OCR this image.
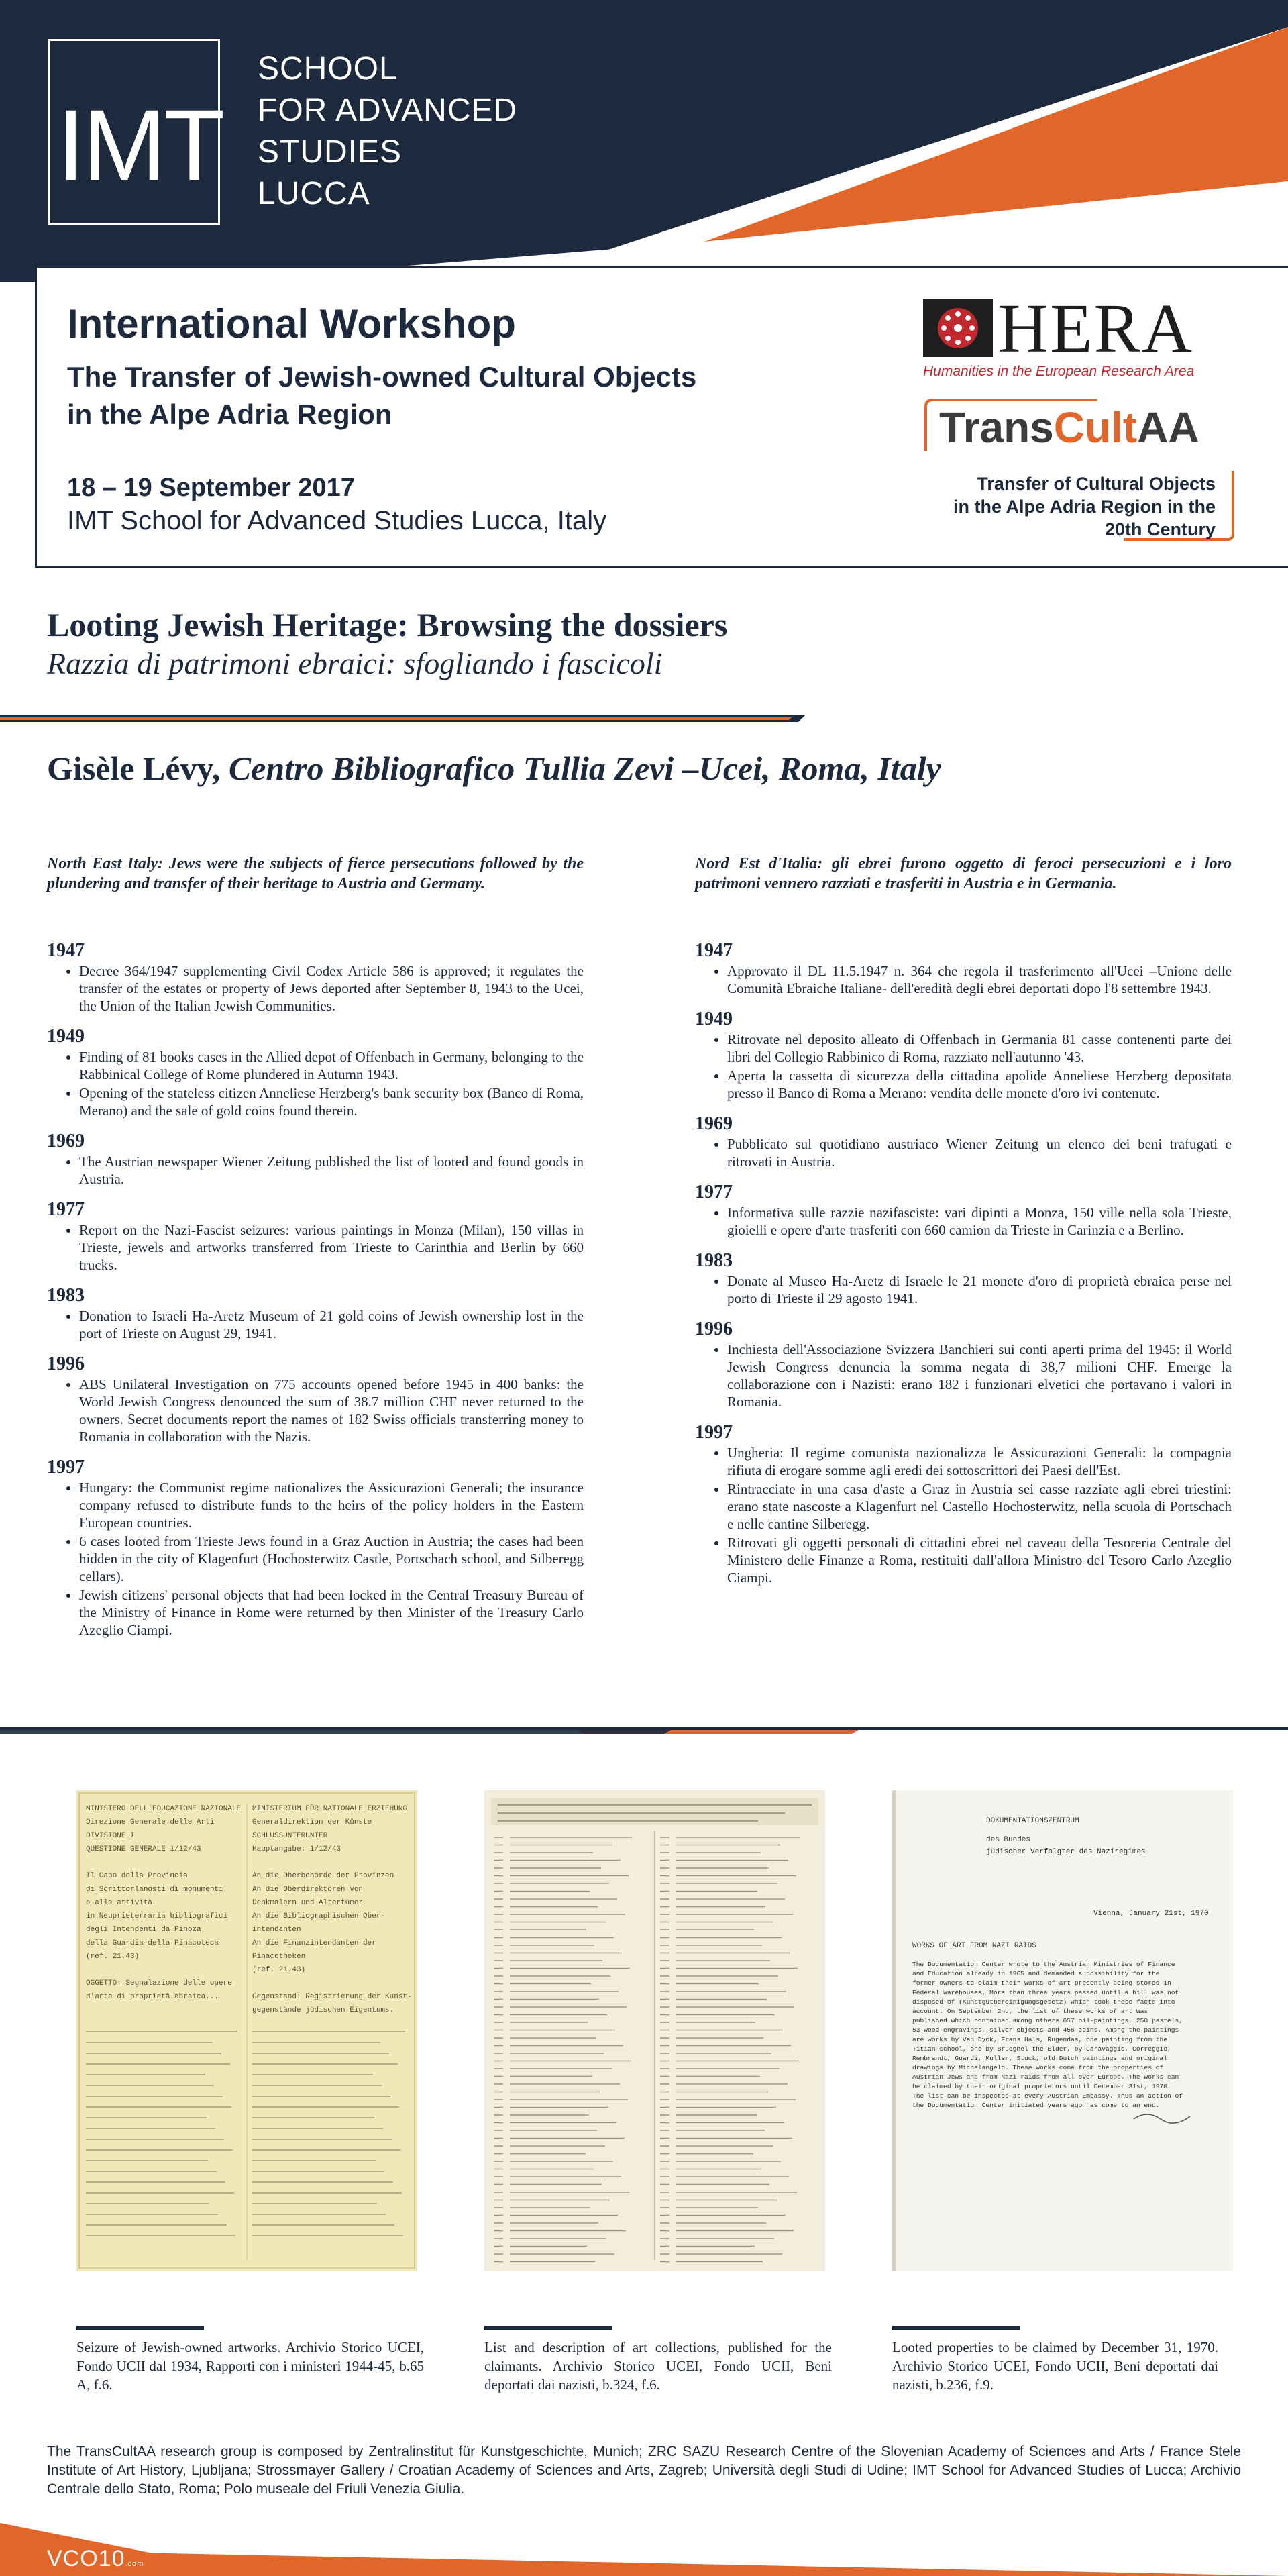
IMT
SCHOOL
FOR ADVANCED
STUDIES
LUCCA
International Workshop
The Transfer of Jewish-owned Cultural Objects
in the Alpe Adria Region
18 – 19 September 2017
IMT School for Advanced Studies Lucca, Italy
HERA
Humanities in the European Research Area
TransCultAA
Transfer of Cultural Objects
in the Alpe Adria Region in the
20th Century
Looting Jewish Heritage: Browsing the dossiers
Razzia di patrimoni ebraici: sfogliando i fascicoli
Gisèle Lévy, Centro Bibliografico Tullia Zevi –Ucei, Roma, Italy
North East Italy: Jews were the subjects of fierce persecutions followed by the plundering and transfer of their heritage to Austria and Germany.
1947
• Decree 364/1947 supplementing Civil Codex Article 586 is approved; it regulates the transfer of the estates or property of Jews deported after September 8, 1943 to the Ucei, the Union of the Italian Jewish Communities.
1949
• Finding of 81 books cases in the Allied depot of Offenbach in Germany, belonging to the Rabbinical College of Rome plundered in Autumn 1943.
• Opening of the stateless citizen Anneliese Herzberg's bank security box (Banco di Roma, Merano) and the sale of gold coins found therein.
1969
• The Austrian newspaper Wiener Zeitung published the list of looted and found goods in Austria.
1977
• Report on the Nazi-Fascist seizures: various paintings in Monza (Milan), 150 villas in Trieste, jewels and artworks transferred from Trieste to Carinthia and Berlin by 660 trucks.
1983
• Donation to Israeli Ha-Aretz Museum of 21 gold coins of Jewish ownership lost in the port of Trieste on August 29, 1941.
1996
• ABS Unilateral Investigation on 775 accounts opened before 1945 in 400 banks: the World Jewish Congress denounced the sum of 38.7 million CHF never returned to the owners. Secret documents report the names of 182 Swiss officials transferring money to Romania in collaboration with the Nazis.
1997
• Hungary: the Communist regime nationalizes the Assicurazioni Generali; the insurance company refused to distribute funds to the heirs of the policy holders in the Eastern European countries.
• 6 cases looted from Trieste Jews found in a Graz Auction in Austria; the cases had been hidden in the city of Klagenfurt (Hochosterwitz Castle, Portschach school, and Silberegg cellars).
• Jewish citizens' personal objects that had been locked in the Central Treasury Bureau of the Ministry of Finance in Rome were returned by then Minister of the Treasury Carlo Azeglio Ciampi.
Nord Est d'Italia: gli ebrei furono oggetto di feroci persecuzioni e i loro patrimoni vennero razziati e trasferiti in Austria e in Germania.
1947
• Approvato il DL 11.5.1947 n. 364 che regola il trasferimento all'Ucei –Unione delle Comunità Ebraiche Italiane- dell'eredità degli ebrei deportati dopo l'8 settembre 1943.
1949
• Ritrovate nel deposito alleato di Offenbach in Germania 81 casse contenenti parte dei libri del Collegio Rabbinico di Roma, razziato nell'autunno '43.
• Aperta la cassetta di sicurezza della cittadina apolide Anneliese Herzberg depositata presso il Banco di Roma a Merano: vendita delle monete d'oro ivi contenute.
1969
• Pubblicato sul quotidiano austriaco Wiener Zeitung un elenco dei beni trafugati e ritrovati in Austria.
1977
• Informativa sulle razzie nazifasciste: vari dipinti a Monza, 150 ville nella sola Trieste, gioielli e opere d'arte trasferiti con 660 camion da Trieste in Carinzia e a Berlino.
1983
• Donate al Museo Ha-Aretz di Israele le 21 monete d'oro di proprietà ebraica perse nel porto di Trieste il 29 agosto 1941.
1996
• Inchiesta dell'Associazione Svizzera Banchieri sui conti aperti prima del 1945: il World Jewish Congress denuncia la somma negata di 38,7 milioni CHF. Emerge la collaborazione con i Nazisti: erano 182 i funzionari elvetici che portavano i valori in Romania.
1997
• Ungheria: Il regime comunista nazionalizza le Assicurazioni Generali: la compagnia rifiuta di erogare somme agli eredi dei sottoscrittori dei Paesi dell'Est.
• Rintracciate in una casa d'aste a Graz in Austria sei casse razziate agli ebrei triestini: erano state nascoste a Klagenfurt nel Castello Hochosterwitz, nella scuola di Portschach e nelle cantine Silberegg.
• Ritrovati gli oggetti personali di cittadini ebrei nel caveau della Tesoreria Centrale del Ministero delle Finanze a Roma, restituiti dall'allora Ministro del Tesoro Carlo Azeglio Ciampi.
MINISTERO DELL'EDUCAZIONE NAZIONALE
Direzione Generale delle Arti
DIVISIONE I
QUESTIONE GENERALE 1/12/43
Il Capo della Provincia
di Scrittorlanosti di monumenti
e alle attività
in Neuprieterraria bibliografici
degli Intendenti da Pinoza
della Guardia della Pinacoteca
(ref. 21.43)
OGGETTO: Segnalazione delle opere
d'arte di proprietà ebraica...
MINISTERIUM FÜR NATIONALE ERZIEHUNG
Generaldirektion der Künste
SCHLUSSUNTERUNTER
Hauptangabe: 1/12/43
An die Oberbehörde der Provinzen
An die Oberdirektoren von
Denkmalern und Altertümer
An die Bibliographischen Ober-
intendanten
An die Finanzintendanten der
Pinacotheken
(ref. 21.43)
Gegenstand: Registrierung der Kunst-
gegenstände jüdischen Eigentums.
DOKUMENTATIONSZENTRUM
des Bundes
jüdischer Verfolgter des Naziregimes
Vienna, January 21st, 1970
WORKS OF ART FROM NAZI RAIDS
The Documentation Center wrote to the Austrian Ministries of Finance
and Education already in 1965 and demanded a possibility for the
former owners to claim their works of art presently being stored in
Federal warehouses. More than three years passed until a bill was not
disposed of (Kunstgutbereinigungsgesetz) which took these facts into
account. On September 2nd, the list of these works of art was
published which contained among others 657 oil-paintings, 250 pastels,
53 wood-engravings, silver objects and 456 coins. Among the paintings
are works by Van Dyck, Frans Hals, Rugendas, one painting from the
Titian-school, one by Brueghel the Elder, by Caravaggio, Correggio,
Rembrandt, Guardi, Muller, Stuck, old Dutch paintings and original
drawings by Michelangelo. These works come from the properties of
Austrian Jews and from Nazi raids from all over Europe. The works can
be claimed by their original proprietors until December 31st, 1970.
The list can be inspected at every Austrian Embassy. Thus an action of
the Documentation Center initiated years ago has come to an end.
Seizure of Jewish-owned artworks. Archivio Storico UCEI, Fondo UCII dal 1934, Rapporti con i ministeri 1944-45, b.65 A, f.6.
List and description of art collections, published for the claimants. Archivio Storico UCEI, Fondo UCII, Beni deportati dai nazisti, b.324, f.6.
Looted properties to be claimed by December 31, 1970. Archivio Storico UCEI, Fondo UCII, Beni deportati dai nazisti, b.236, f.9.
The TransCultAA research group is composed by Zentralinstitut für Kunstgeschichte, Munich; ZRC SAZU Research Centre of the Slovenian Academy of Sciences and Arts / France Stele Institute of Art History, Ljubljana; Strossmayer Gallery / Croatian Academy of Sciences and Arts, Zagreb; Università degli Studi di Udine; IMT School for Advanced Studies of Lucca; Archivio Centrale dello Stato, Roma; Polo museale del Friuli Venezia Giulia.
VCO10.com
